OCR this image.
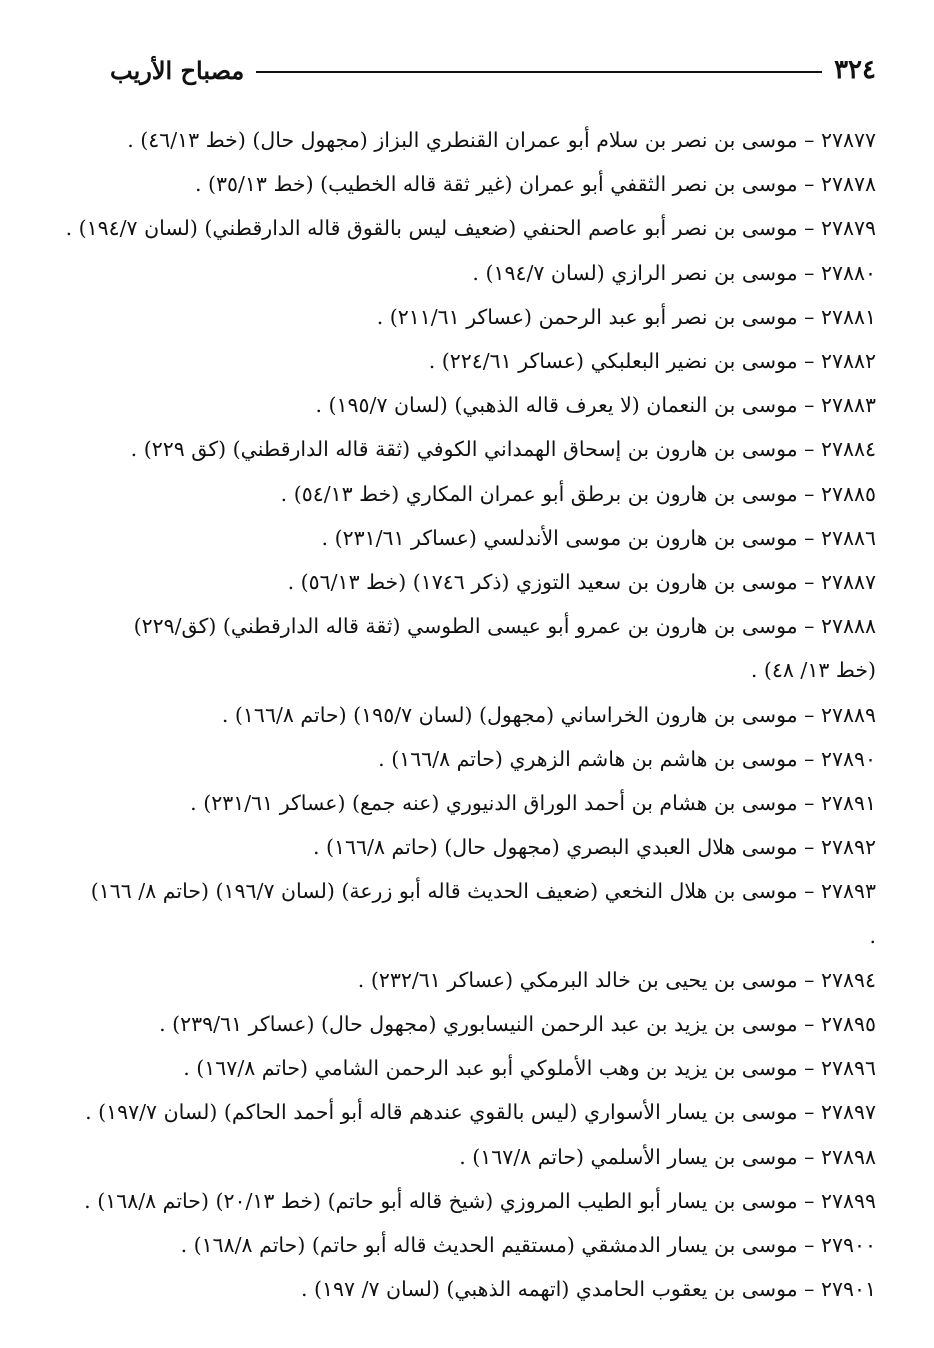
٣٢٤
مصباح الأريب
٢٧٨٧٧ – موسى بن نصر بن سلام أبو عمران القنطري البزاز (مجهول حال) (خط ٤٦/١٣) .
٢٧٨٧٨ – موسى بن نصر الثقفي أبو عمران (غير ثقة قاله الخطيب) (خط ٣٥/١٣) .
٢٧٨٧٩ – موسى بن نصر أبو عاصم الحنفي (ضعيف ليس بالقوق قاله الدارقطني) (لسان ١٩٤/٧) .
٢٧٨٨٠ – موسى بن نصر الرازي (لسان ١٩٤/٧) .
٢٧٨٨١ – موسى بن نصر أبو عبد الرحمن (عساكر ٢١١/٦١) .
٢٧٨٨٢ – موسى بن نضير البعلبكي (عساكر ٢٢٤/٦١) .
٢٧٨٨٣ – موسى بن النعمان (لا يعرف قاله الذهبي) (لسان ١٩٥/٧) .
٢٧٨٨٤ – موسى بن هارون بن إسحاق الهمداني الكوفي (ثقة قاله الدارقطني) (كق ٢٢٩) .
٢٧٨٨٥ – موسى بن هارون بن برطق أبو عمران المكاري (خط ٥٤/١٣) .
٢٧٨٨٦ – موسى بن هارون بن موسى الأندلسي (عساكر ٢٣١/٦١) .
٢٧٨٨٧ – موسى بن هارون بن سعيد التوزي (ذكر ١٧٤٦) (خط ٥٦/١٣) .
٢٧٨٨٨ – موسى بن هارون بن عمرو أبو عيسى الطوسي (ثقة قاله الدارقطني) (كق/٢٢٩) (خط ١٣/ ٤٨) .
٢٧٨٨٩ – موسى بن هارون الخراساني (مجهول) (لسان ١٩٥/٧) (حاتم ١٦٦/٨) .
٢٧٨٩٠ – موسى بن هاشم بن هاشم الزهري (حاتم ١٦٦/٨) .
٢٧٨٩١ – موسى بن هشام بن أحمد الوراق الدنيوري (عنه جمع) (عساكر ٢٣١/٦١) .
٢٧٨٩٢ – موسى هلال العبدي البصري (مجهول حال) (حاتم ١٦٦/٨) .
٢٧٨٩٣ – موسى بن هلال النخعي (ضعيف الحديث قاله أبو زرعة) (لسان ١٩٦/٧) (حاتم ٨/ ١٦٦) .
٢٧٨٩٤ – موسى بن يحيى بن خالد البرمكي (عساكر ٢٣٢/٦١) .
٢٧٨٩٥ – موسى بن يزيد بن عبد الرحمن النيسابوري (مجهول حال) (عساكر ٢٣٩/٦١) .
٢٧٨٩٦ – موسى بن يزيد بن وهب الأملوكي أبو عبد الرحمن الشامي (حاتم ١٦٧/٨) .
٢٧٨٩٧ – موسى بن يسار الأسواري (ليس بالقوي عندهم قاله أبو أحمد الحاكم) (لسان ١٩٧/٧) .
٢٧٨٩٨ – موسى بن يسار الأسلمي (حاتم ١٦٧/٨) .
٢٧٨٩٩ – موسى بن يسار أبو الطيب المروزي (شيخ قاله أبو حاتم) (خط ٢٠/١٣) (حاتم ١٦٨/٨) .
٢٧٩٠٠ – موسى بن يسار الدمشقي (مستقيم الحديث قاله أبو حاتم) (حاتم ١٦٨/٨) .
٢٧٩٠١ – موسى بن يعقوب الحامدي (اتهمه الذهبي) (لسان ٧/ ١٩٧) .
